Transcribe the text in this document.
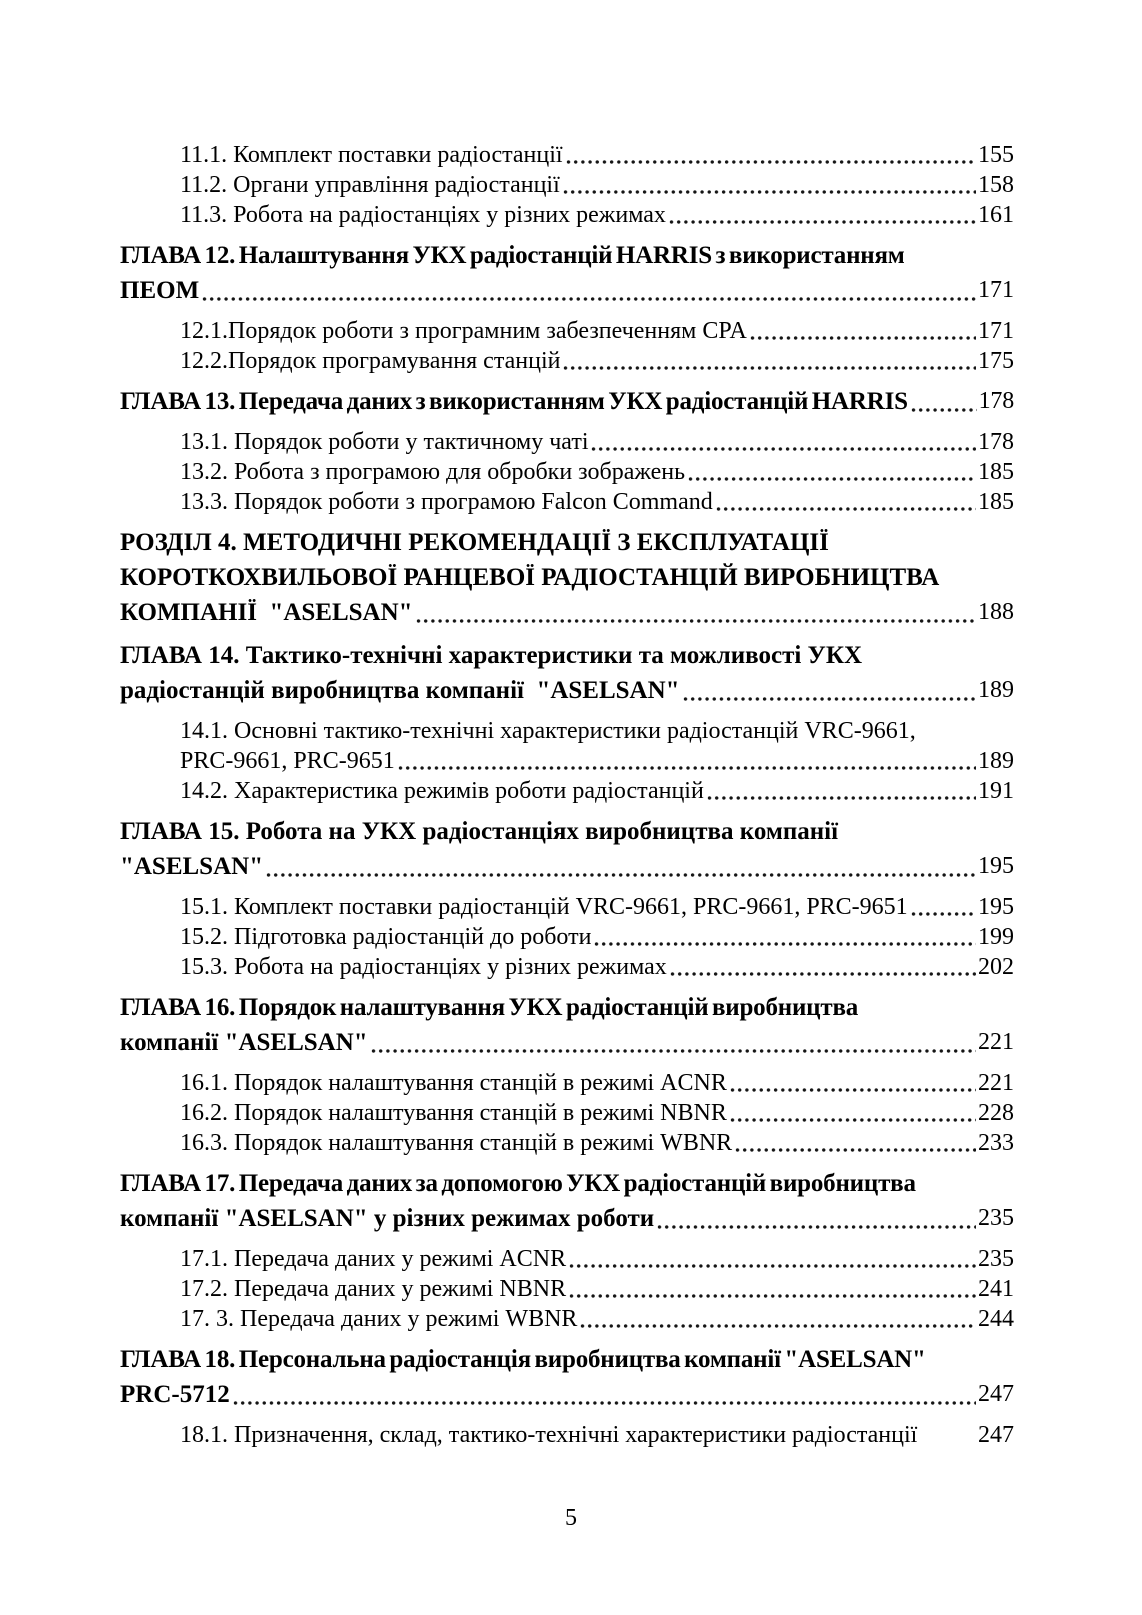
11.1. Комплект поставки радіостанції	155
11.2. Органи управління радіостанції	158
11.3. Робота на радіостанціях у різних режимах	161
ГЛАВА 12. Налаштування УКХ радіостанцій HARRIS з використанням
ПЕОМ	171
12.1.Порядок роботи з програмним забезпеченням CPA	171
12.2.Порядок програмування станцій	175
ГЛАВА 13. Передача даних з використанням УКХ радіостанцій HARRIS	178
13.1. Порядок роботи у тактичному чаті	178
13.2. Робота з програмою для обробки зображень	185
13.3. Порядок роботи з програмою Falcon Command	185
РОЗДІЛ 4. МЕТОДИЧНІ РЕКОМЕНДАЦІЇ З ЕКСПЛУАТАЦІЇ
КОРОТКОХВИЛЬОВОЇ РАНЦЕВОЇ РАДІОСТАНЦІЙ ВИРОБНИЦТВА
КОМПАНІЇ  "ASELSAN"	188
ГЛАВА 14. Тактико-технічні характеристики та можливості УКХ
радіостанцій виробництва компанії  "ASELSAN"	189
14.1. Основні тактико-технічні характеристики радіостанцій VRC-9661,
PRC-9661, PRC-9651	189
14.2. Характеристика режимів роботи радіостанцій	191
ГЛАВА 15. Робота на УКХ радіостанціях виробництва компанії
"ASELSAN"	195
15.1. Комплект поставки радіостанцій VRC-9661, PRC-9661, PRC-9651	195
15.2. Підготовка радіостанцій до роботи	199
15.3. Робота на радіостанціях у різних режимах	202
ГЛАВА 16. Порядок налаштування УКХ радіостанцій виробництва
компанії "ASELSAN"	221
16.1. Порядок налаштування станцій в режимі ACNR	221
16.2. Порядок налаштування станцій в режимі NBNR	228
16.3. Порядок налаштування станцій в режимі WBNR	233
ГЛАВА 17. Передача даних за допомогою УКХ радіостанцій виробництва
компанії "ASELSAN" у різних режимах роботи	235
17.1. Передача даних у режимі ACNR	235
17.2. Передача даних у режимі NBNR	241
17. 3. Передача даних у режимі WBNR	244
ГЛАВА 18. Персональна радіостанція виробництва компанії "ASELSAN"
PRC-5712	247
18.1. Призначення, склад, тактико-технічні характеристики радіостанції	247
5
